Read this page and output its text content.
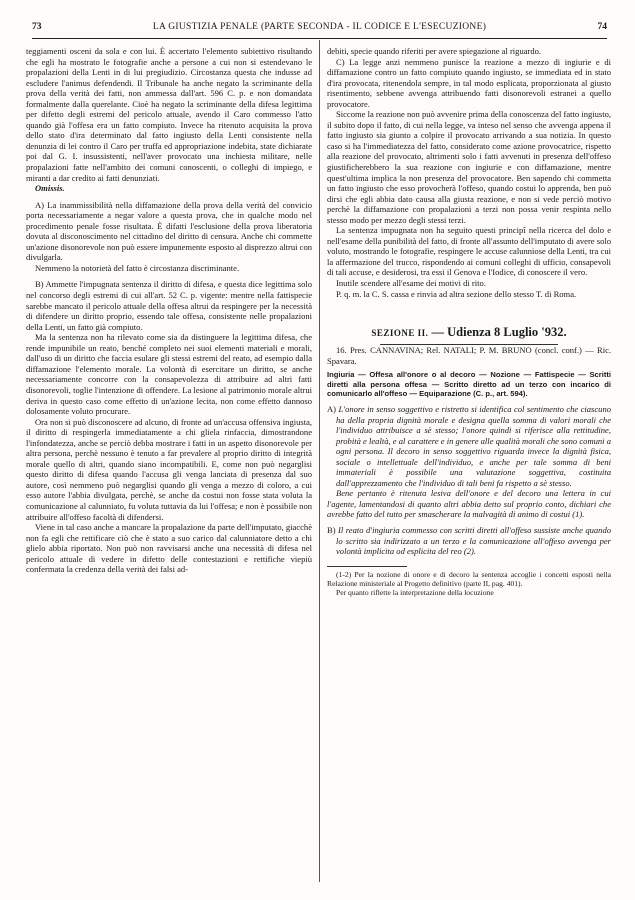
73	LA GIUSTIZIA PENALE (PARTE SECONDA - IL CODICE E L'ESECUZIONE)	74

teggiamenti osceni da sola e con lui. È accertato l'elemento subiettivo risultando che egli ha mostrato le fotografie anche a persone a cui non si estendevano le propalazioni della Lenti in di lui pregiudizio. Circostanza questa che indusse ad escludere l'animus defendendi. Il Tribunale ha anche negato la scriminante della prova della verità dei fatti, non ammessa dall'art. 596 C. p. e non domandata formalmente dalla querelante. Cioè ha negato la scriminante della difesa legittima per difetto degli estremi del pericolo attuale, avendo il Caro commesso l'atto quando già l'offesa era un fatto compiuto. Invece ha ritenuto acquisita la prova dello stato d'ira determinato dal fatto ingiusto della Lenti consistente nella denunzia di lei contro il Caro per truffa ed appropriazione indebita, state dichiarate poi dal G. I. insussistenti, nell'aver provocato una inchiesta militare, nelle propalazioni fatte nell'ambito dei comuni conoscenti, o colleghi di impiego, e miranti a dar credito ai fatti denunziati.

Omissis.

A) La inammissibilità nella diffamazione della prova della verità del convicio porta necessariamente a negar valore a questa prova, che in qualche modo nel procedimento penale fosse risultata. È difatti l'esclusione della prova liberatoria dovuta al disconoscimento nel cittadino del diritto di censura. Anche chi commette un'azione disonorevole non può essere impunemente esposto al disprezzo altrui con divulgarla.

Nemmeno la notorietà del fatto è circostanza discriminante.

B) Ammette l'impugnata sentenza il diritto di difesa, e questa dice legittima solo nel concorso degli estremi di cui all'art. 52 C. p. vigente: mentre nella fattispecie sarebbe mancato il pericolo attuale della offesa altrui da respingere per la necessità di difendere un diritto proprio, essendo tale offesa, consistente nelle propalazioni della Lenti, un fatto già compiuto.

Ma la sentenza non ha rilevato come sia da distinguere la legittima difesa, che rende impunibile un reato, benché completo nei suoi elementi materiali e morali, dall'uso di un diritto che faccia esulare gli stessi estremi del reato, ad esempio dalla diffamazione l'elemento morale. La volontà di esercitare un diritto, se anche necessariamente concorre con la consapevolezza di attribuire ad altri fatti disonorevoli, toglie l'intenzione di offendere. La lesione al patrimonio morale altrui deriva in questo caso come effetto di un'azione lecita, non come effetto dannoso dolosamente voluto procurare.

Ora non si può disconoscere ad alcuno, di fronte ad un'accusa offensiva ingiusta, il diritto di respingerla immediatamente a chi gliela rinfaccia, dimostrandone l'infondatezza, anche se perciò debba mostrare i fatti in un aspetto disonorevole per altra persona, perchè nessuno è tenuto a far prevalere al proprio diritto di integrità morale quello di altri, quando siano incompatibili. E, come non può negarglisi questo diritto di difesa quando l'accusa gli venga lanciata di presenza dal suo autore, così nemmeno può negarglisi quando gli venga a mezzo di coloro, a cui esso autore l'abbia divulgata, perchè, se anche da costui non fosse stata voluta la comunicazione al calunniato, fu voluta tuttavia da lui l'offesa; e non è possibile non attribuire all'offeso facoltà di difendersi.

Viene in tal caso anche a mancare la propalazione da parte dell'imputato, giacchè non fa egli che rettificare ciò che è stato a suo carico dal calunniatore detto a chi glielo abbia riportato. Non può non ravvisarsi anche una necessità di difesa nel pericolo attuale di vedere in difetto delle contestazioni e rettifiche viepiù confermata la credenza della verità dei falsi ad-

debiti, specie quando riferiti per avere spiegazione al riguardo.

C) La legge anzi nemmeno punisce la reazione a mezzo di ingiurie e di diffamazione contro un fatto compiuto quando ingiusto, se immediata ed in stato d'ira provocata, ritenendola sempre, in tal modo esplicata, proporzionata al giusto risentimento, sebbene avvenga attribuendo fatti disonorevoli estranei a quello provocatore.

Siccome la reazione non può avvenire prima della conoscenza del fatto ingiusto, il subito dopo il fatto, di cui nella legge, va inteso nel senso che avvenga appena il fatto ingiusto sia giunto a colpire il provocato arrivando a sua notizia. In questo caso si ha l'immediatezza del fatto, considerato come azione provocatrice, rispetto alla reazione del provocato, altrimenti solo i fatti avvenuti in presenza dell'offeso giustificherebbero la sua reazione con ingiurie e con diffamazione, mentre quest'ultima implica la non presenza del provocatore. Ben sapendo chi commetta un fatto ingiusto che esso provocherà l'offeso, quando costui lo apprenda, ben può dirsi che egli abbia dato causa alla giusta reazione, e non si vede perciò motivo perchè la diffamazione con propalazioni a terzi non possa venir respinta nello stesso modo per mezzo degli stessi terzi.

La sentenza impugnata non ha seguito questi principî nella ricerca del dolo e nell'esame della punibilità del fatto, di fronte all'assunto dell'imputato di avere solo voluto, mostrando le fotografie, respingere le accuse calunniose della Lenti, tra cui la affermazione del trucco, rispondendo ai comuni colleghi di ufficio, consapevoli di tali accuse, e desiderosi, tra essi il Genova e l'Iodice, di conoscere il vero.

Inutile scendere all'esame dei motivi di rito.

P. q. m. la C. S. cassa e rinvia ad altra sezione dello stesso T. di Roma.

SEZIONE II. — Udienza 8 Luglio '932.

16. Pres. CANNAVINA; Rel. NATALI; P. M. BRUNO (concl. conf.) — Ric. Spavara.

Ingiuria — Offesa all'onore o al decoro — Nozione — Fattispecie — Scritti diretti alla persona offesa — Scritto diretto ad un terzo con incarico di comunicarlo all'offeso — Equiparazione (C. p., art. 594).
A) L'onore in senso soggettivo e ristretto si identifica col sentimento che ciascuno ha della propria dignità morale e designa quella somma di valori morali che l'individuo attribuisce a sè stesso; l'onore quindi si riferisce alla rettitudine, probità e lealtà, e al carattere e in genere alle qualità morali che sono comuni a ogni persona. Il decoro in senso soggettivo riguarda invece la dignità fisica, sociale o intellettuale dell'individuo, e anche per tale somma di beni immateriali è possibile una valutazione soggettiva, costituita dall'apprezzamento che l'individuo di tali beni fa rispetto a sè stesso.

Bene pertanto è ritenuta lesiva dell'onore e del decoro una lettera in cui l'agente, lamentandosi di quanto altri abbia detto sul proprio conto, dichiari che avrebbe fatto del tutto per smascherare la malvagità di animo di costui (1).

B) Il reato d'ingiuria commesso con scritti diretti all'offeso sussiste anche quando lo scritto sia indirizzato a un terzo e la comunicazione all'offeso avvenga per volontà implicita od esplicita del reo (2).

(1-2) Per la nozione di onore e di decoro la sentenza accoglie i concetti esposti nella Relazione ministeriale al Progetto definitivo (parte II, pag. 401).

Per quanto riflette la interpretazione della locuzione
